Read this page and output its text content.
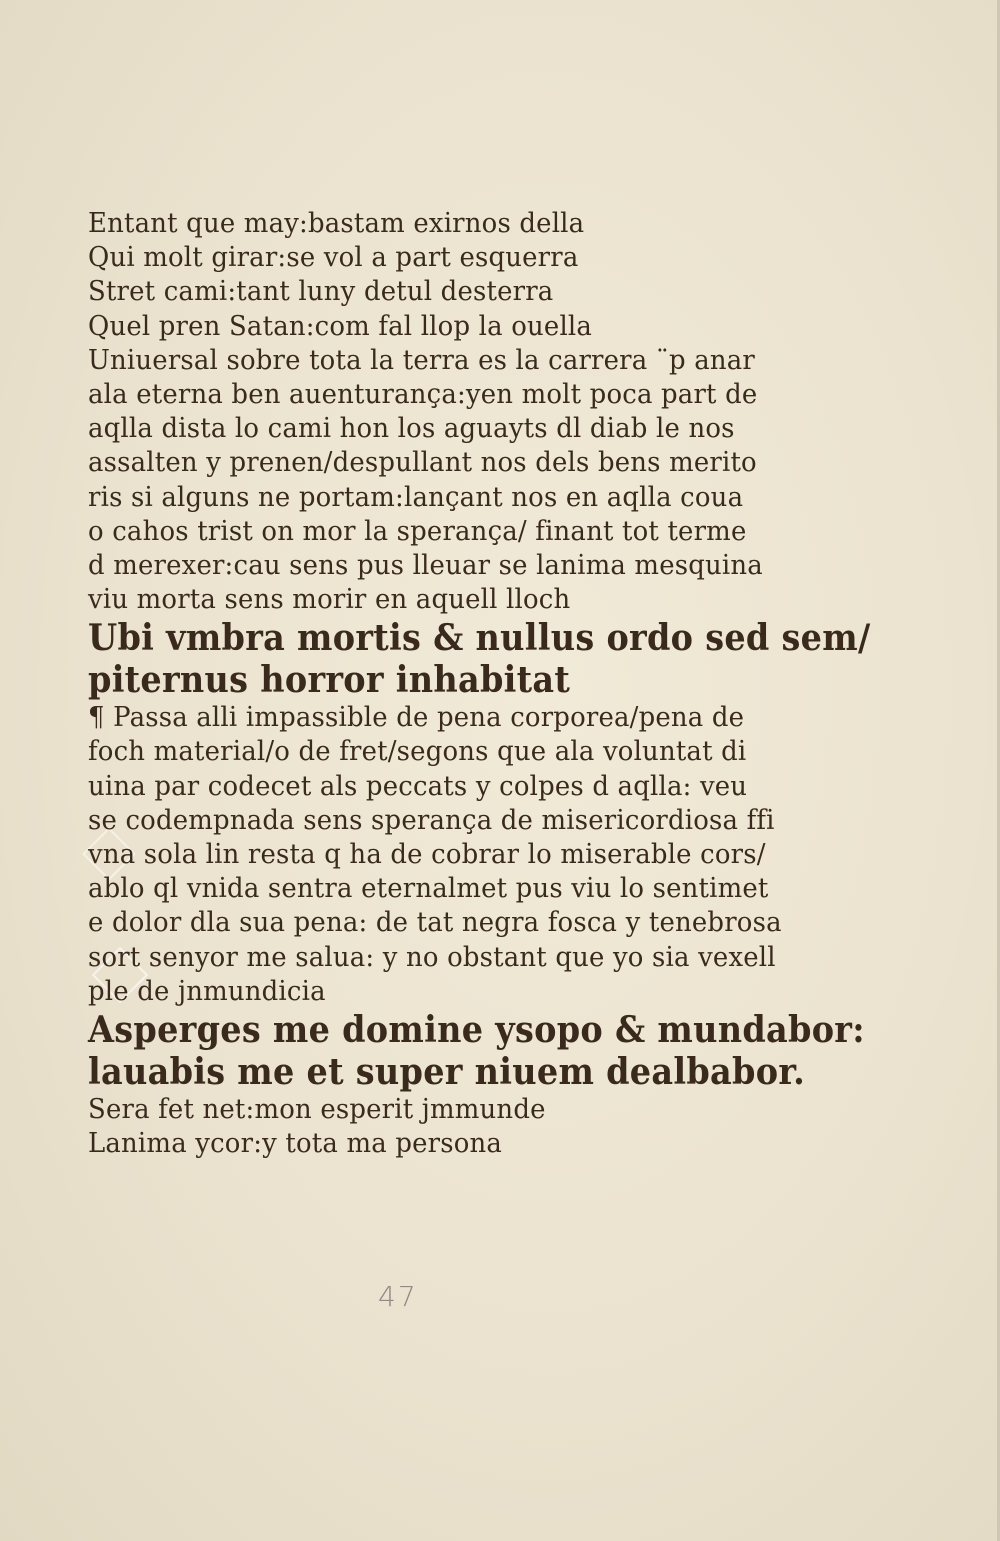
Entant que may:bastam exirnos della
Qui molt girar:se vol a part esquerra
Stret cami:tant luny detul desterra
Quel pren Satan:com fal llop la ouella
Uniuersal sobre tota la terra es la carrera ¨p anar
ala eterna ben auenturança:yen molt poca part de
aqlla dista lo cami hon los aguayts dl diab le nos
assalten y prenen/despullant nos dels bens merito
ris si alguns ne portam:lançant nos en aqlla coua
o cahos trist on mor la sperança/ finant tot terme
d merexer:cau sens pus lleuar se lanima mesquina
viu morta sens morir en aquell lloch
Ubi vmbra mortis & nullus ordo sed sem/
piternus horror inhabitat
¶ Passa alli impassible de pena corporea/pena de
foch material/o de fret/segons que ala voluntat di
uina par codecet als peccats y colpes d aqlla: veu
se codempnada sens sperança de misericordiosa ffi
vna sola lin resta q ha de cobrar lo miserable cors/
ablo ql vnida sentra eternalmet pus viu lo sentimet
e dolor dla sua pena: de tat negra fosca y tenebrosa
sort senyor me salua: y no obstant que yo sia vexell
ple de jnmundicia
Asperges me domine ysopo & mundabor:
lauabis me et super niuem dealbabor.
Sera fet net:mon esperit jmmunde
Lanima ycor:y tota ma persona
47
